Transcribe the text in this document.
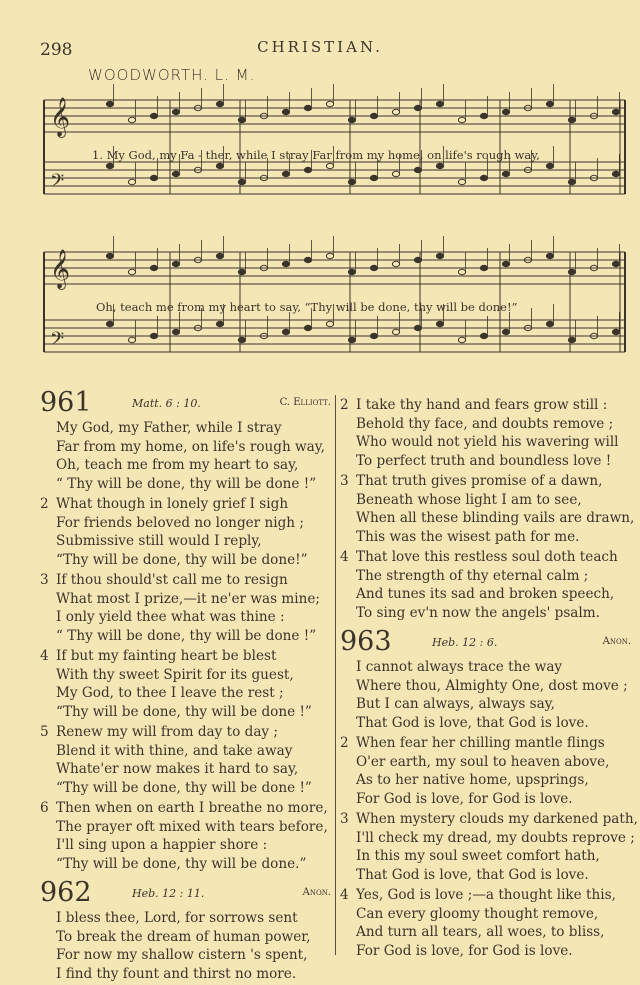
298	CHRISTIAN.
WOODWORTH. L. M.
𝄞
𝄢
𝄞
𝄢
1. My God, my Fa - ther, while I stray Far from my home, on life's rough way,
Oh, teach me from my heart to say, “Thy will be done, thy will be done!”
961	Matt. 6 : 10.	C. Elliott.
My God, my Father, while I stray
Far from my home, on life's rough way,
Oh, teach me from my heart to say,
“ Thy will be done, thy will be done !”
2 What though in lonely grief I sigh
For friends beloved no longer nigh ;
Submissive still would I reply,
“Thy will be done, thy will be done!”
3 If thou should'st call me to resign
What most I prize,—it ne'er was mine;
I only yield thee what was thine :
“ Thy will be done, thy will be done !”
4 If but my fainting heart be blest
With thy sweet Spirit for its guest,
My God, to thee I leave the rest ;
“Thy will be done, thy will be done !”
5 Renew my will from day to day ;
Blend it with thine, and take away
Whate'er now makes it hard to say,
“Thy will be done, thy will be done !”
6 Then when on earth I breathe no more,
The prayer oft mixed with tears before,
I'll sing upon a happier shore :
“Thy will be done, thy will be done.”
962	Heb. 12 : 11.	Anon.
I bless thee, Lord, for sorrows sent
To break the dream of human power,
For now my shallow cistern 's spent,
I find thy fount and thirst no more.
2 I take thy hand and fears grow still :
Behold thy face, and doubts remove ;
Who would not yield his wavering will
To perfect truth and boundless love !
3 That truth gives promise of a dawn,
Beneath whose light I am to see,
When all these blinding vails are drawn,
This was the wisest path for me.
4 That love this restless soul doth teach
The strength of thy eternal calm ;
And tunes its sad and broken speech,
To sing ev'n now the angels' psalm.
963	Heb. 12 : 6.	Anon.
I cannot always trace the way
Where thou, Almighty One, dost move ;
But I can always, always say,
That God is love, that God is love.
2 When fear her chilling mantle flings
O'er earth, my soul to heaven above,
As to her native home, upsprings,
For God is love, for God is love.
3 When mystery clouds my darkened path,
I'll check my dread, my doubts reprove ;
In this my soul sweet comfort hath,
That God is love, that God is love.
4 Yes, God is love ;—a thought like this,
Can every gloomy thought remove,
And turn all tears, all woes, to bliss,
For God is love, for God is love.
